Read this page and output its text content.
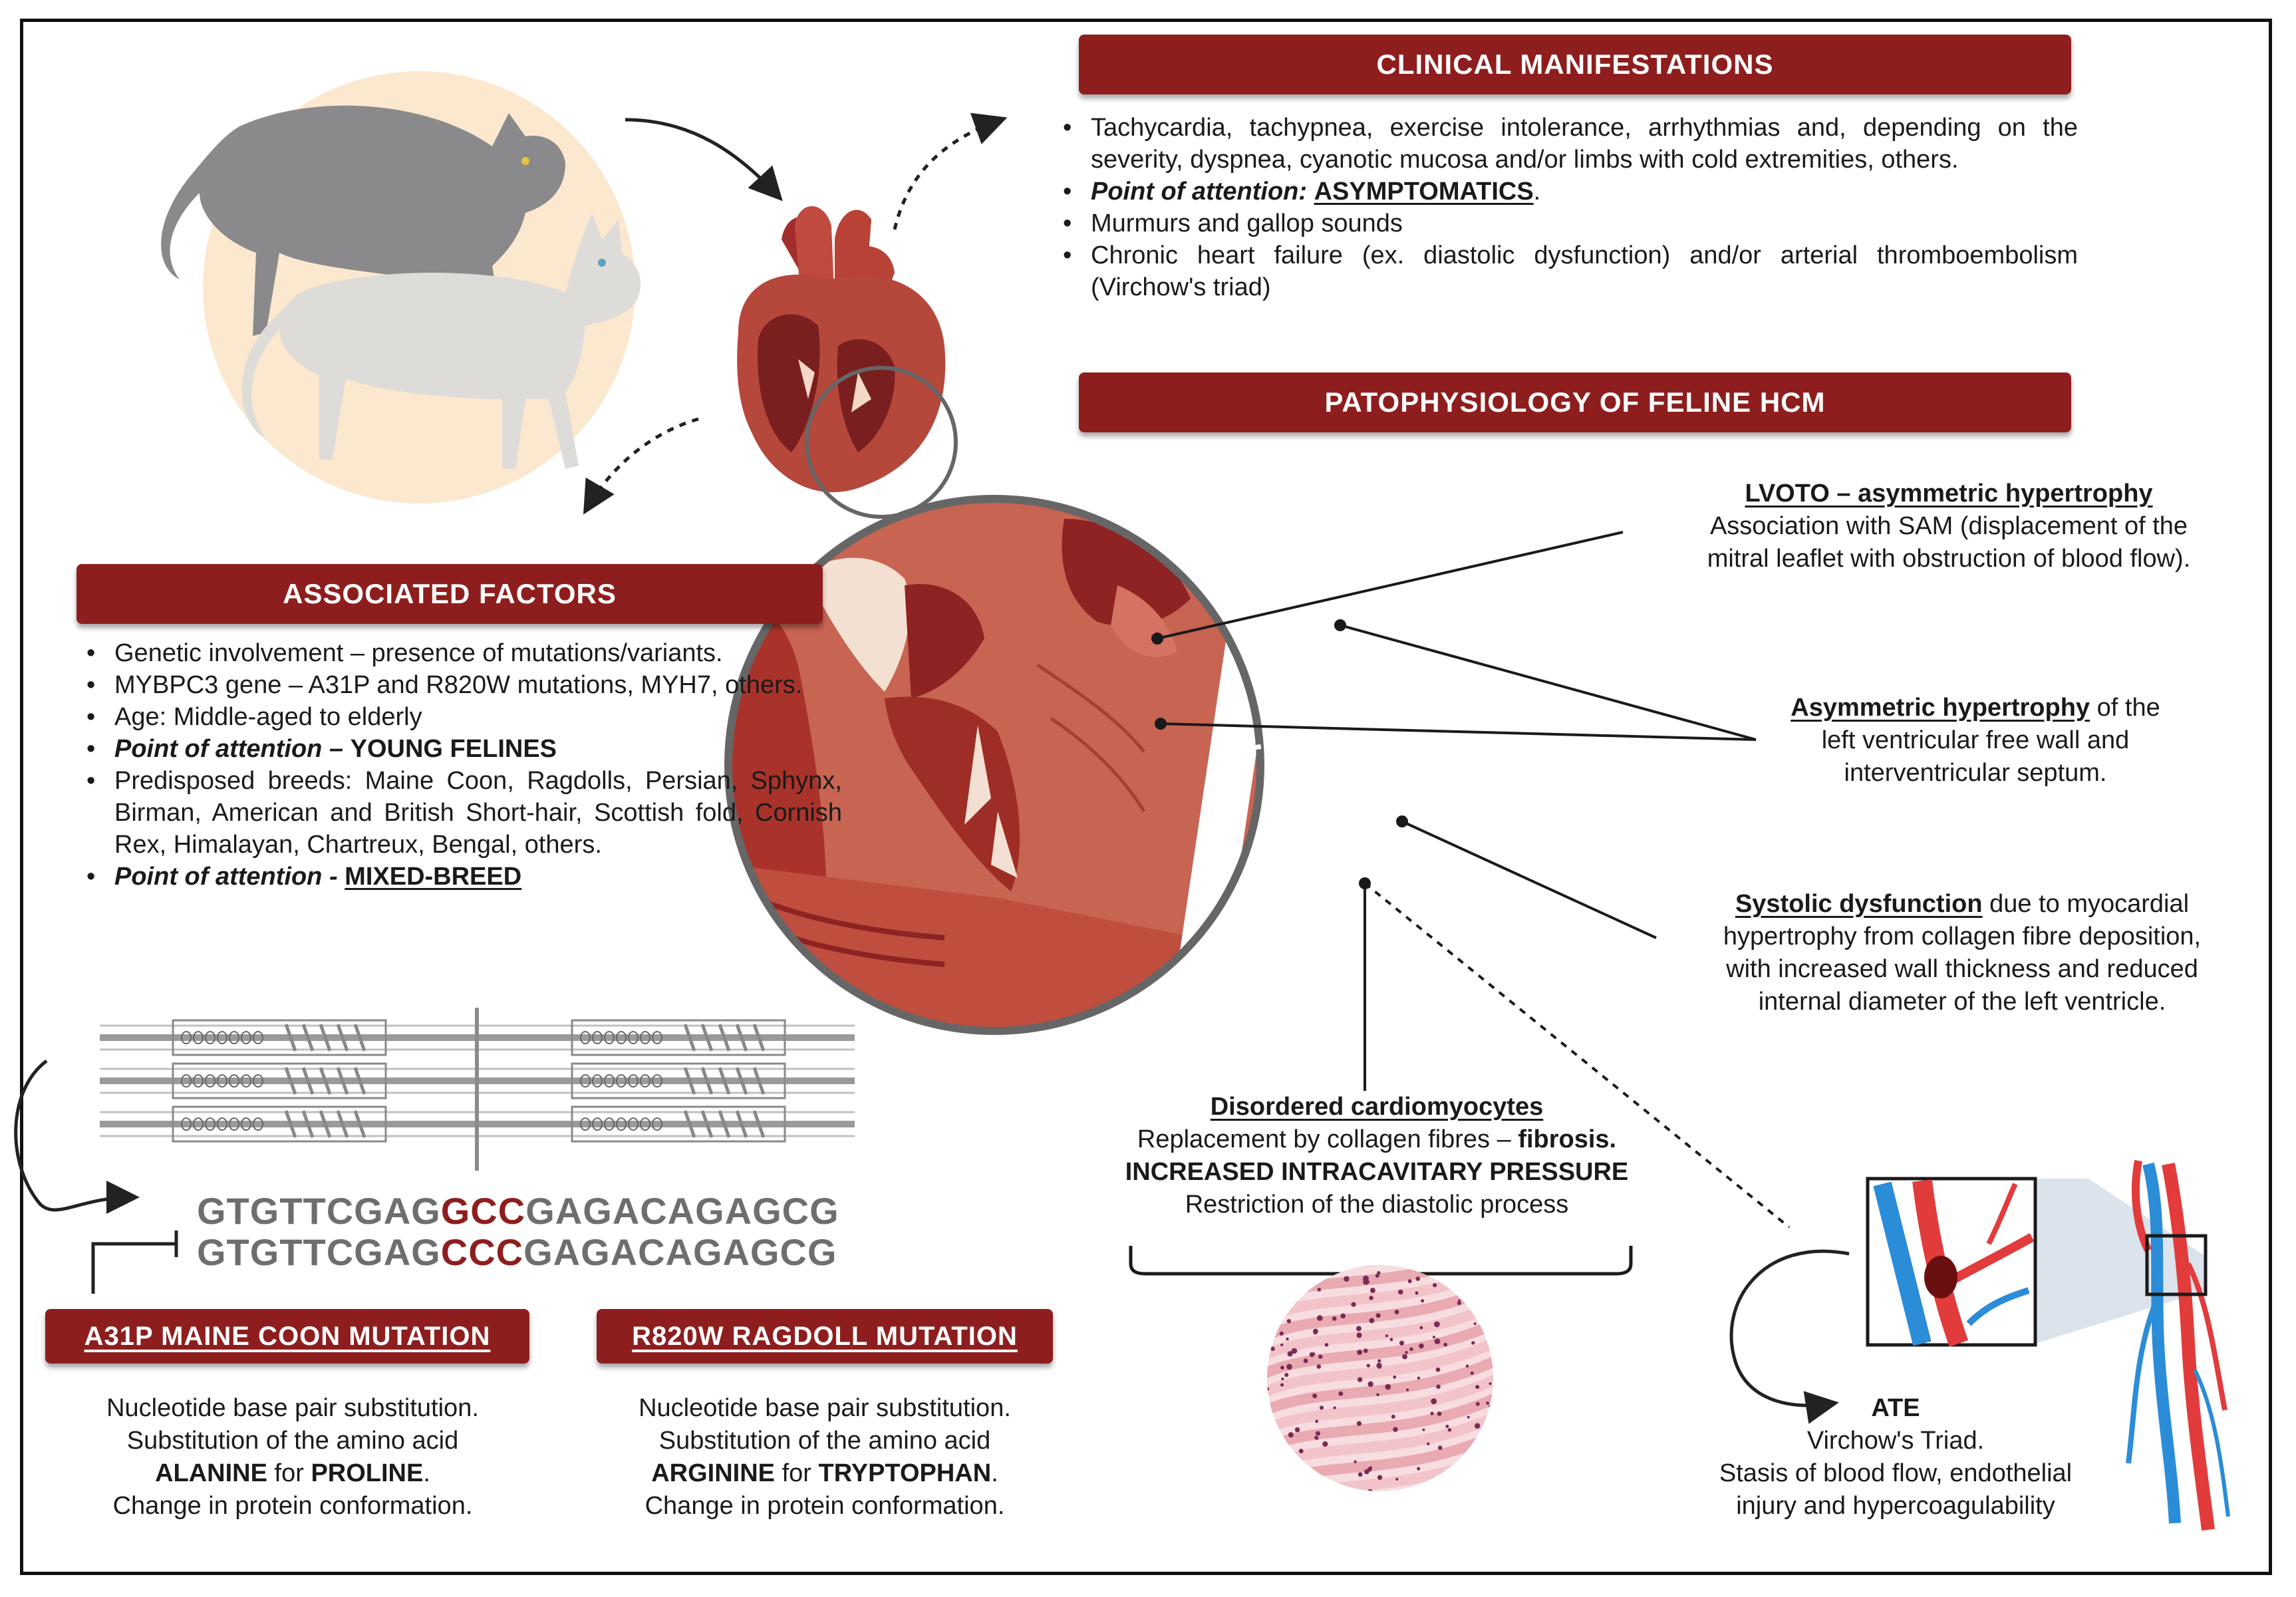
CLINICAL MANIFESTATIONS
PATOPHYSIOLOGY OF FELINE HCM
ASSOCIATED FACTORS
A31P MAINE COON MUTATION	R820W RAGDOLL MUTATION
• Tachycardia, tachypnea, exercise intolerance, arrhythmias and, depending on the severity, dyspnea, cyanotic mucosa and/or limbs with cold extremities, others.
• Point of attention: ASYMPTOMATICS.
• Murmurs and gallop sounds
• Chronic heart failure (ex. diastolic dysfunction) and/or arterial thromboembolism (Virchow's triad)
• Genetic involvement – presence of mutations/variants.
• MYBPC3 gene – A31P and R820W mutations, MYH7, others.
• Age: Middle-aged to elderly
• Point of attention – YOUNG FELINES
• Predisposed breeds: Maine Coon, Ragdolls, Persian, Sphynx, Birman, American and British Short-hair, Scottish fold, Cornish Rex, Himalayan, Chartreux, Bengal, others.
• Point of attention - MIXED-BREED
LVOTO – asymmetric hypertrophy
Association with SAM (displacement of the
mitral leaflet with obstruction of blood flow).
Asymmetric hypertrophy of the
left ventricular free wall and
interventricular septum.
Systolic dysfunction due to myocardial
hypertrophy from collagen fibre deposition,
with increased wall thickness and reduced
internal diameter of the left ventricle.
Disordered cardiomyocytes
Replacement by collagen fibres – fibrosis.
INCREASED INTRACAVITARY PRESSURE
Restriction of the diastolic process
GTGTTCGAGGCCGAGACAGAGCG
GTGTTCGAGCCCGAGACAGAGCG
Nucleotide base pair substitution.
Substitution of the amino acid
ALANINE for PROLINE.
Change in protein conformation.
Nucleotide base pair substitution.
Substitution of the amino acid
ARGININE for TRYPTOPHAN.
Change in protein conformation.
ATE
Virchow's Triad.
Stasis of blood flow, endothelial
injury and hypercoagulability
